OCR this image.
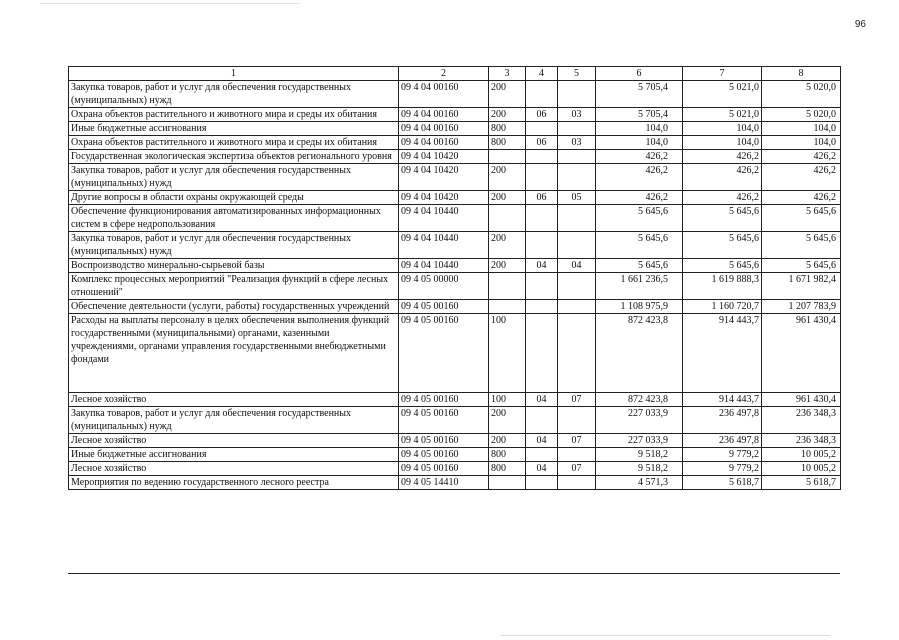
96
1	2	3	4	5	6	7	8
Закупка товаров, работ и услуг для обеспечения государственных (муниципальных) нужд	09 4 04 00160	200			5 705,4	5 021,0	5 020,0
Охрана объектов растительного и животного мира и среды их обитания	09 4 04 00160	200	06	03	5 705,4	5 021,0	5 020,0
Иные бюджетные ассигнования	09 4 04 00160	800			104,0	104,0	104,0
Охрана объектов растительного и животного мира и среды их обитания	09 4 04 00160	800	06	03	104,0	104,0	104,0
Государственная экологическая экспертиза объектов регионального уровня	09 4 04 10420				426,2	426,2	426,2
Закупка товаров, работ и услуг для обеспечения государственных (муниципальных) нужд	09 4 04 10420	200			426,2	426,2	426,2
Другие вопросы в области охраны окружающей среды	09 4 04 10420	200	06	05	426,2	426,2	426,2
Обеспечение функционирования автоматизированных информационных систем в сфере недропользования	09 4 04 10440				5 645,6	5 645,6	5 645,6
Закупка товаров, работ и услуг для обеспечения государственных (муниципальных) нужд	09 4 04 10440	200			5 645,6	5 645,6	5 645,6
Воспроизводство минерально-сырьевой базы	09 4 04 10440	200	04	04	5 645,6	5 645,6	5 645,6
Комплекс процессных мероприятий "Реализация функций в сфере лесных отношений"	09 4 05 00000				1 661 236,5	1 619 888,3	1 671 982,4
Обеспечение деятельности (услуги, работы) государственных учреждений	09 4 05 00160				1 108 975,9	1 160 720,7	1 207 783,9
Расходы на выплаты персоналу в целях обеспечения выполнения функций государственными (муниципальными) органами, казенными учреждениями, органами управления государственными внебюджетными фондами	09 4 05 00160	100			872 423,8	914 443,7	961 430,4
Лесное хозяйство	09 4 05 00160	100	04	07	872 423,8	914 443,7	961 430,4
Закупка товаров, работ и услуг для обеспечения государственных (муниципальных) нужд	09 4 05 00160	200			227 033,9	236 497,8	236 348,3
Лесное хозяйство	09 4 05 00160	200	04	07	227 033,9	236 497,8	236 348,3
Иные бюджетные ассигнования	09 4 05 00160	800			9 518,2	9 779,2	10 005,2
Лесное хозяйство	09 4 05 00160	800	04	07	9 518,2	9 779,2	10 005,2
Мероприятия по ведению государственного лесного реестра	09 4 05 14410				4 571,3	5 618,7	5 618,7
